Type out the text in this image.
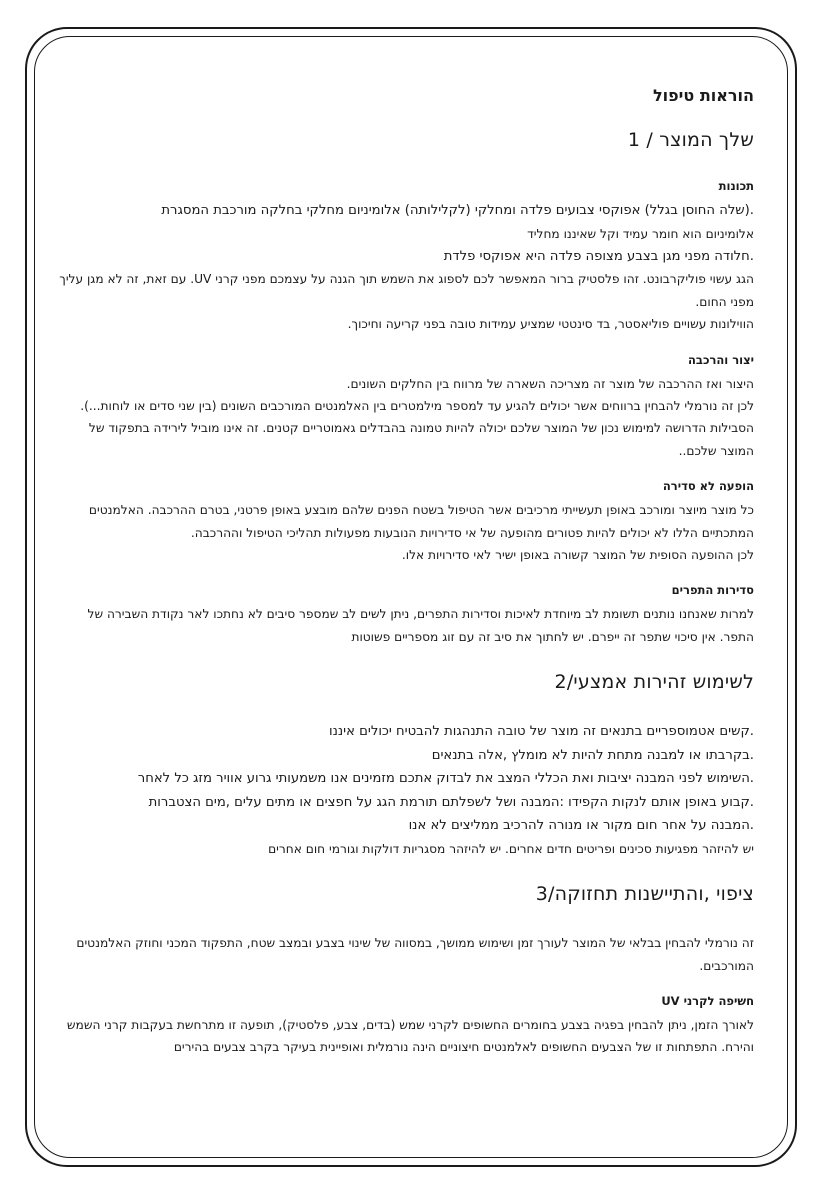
הוראות טיפול
שלך המוצר / 1
תכונות

.(שלה החוסן בגלל) אפוקסי צבועים פלדה ומחלקי (לקלילותה) אלומיניום מחלקי בחלקה מורכבת המסגרת

אלומיניום הוא חומר עמיד וקל שאיננו מחליד

.חלודה מפני מגן בצבע מצופה פלדה היא אפוקסי פלדת

הגג עשוי פוליקרבונט. זהו פלסטיק ברור המאפשר לכם לספוג את השמש תוך הגנה על עצמכם מפני קרני UV. עם זאת, זה לא מגן עליך מפני החום.

הווילונות עשויים פוליאסטר, בד סינטטי שמציע עמידות טובה בפני קריעה וחיכוך.

יצור והרכבה

היצור ואז ההרכבה של מוצר זה מצריכה השארה של מרווח בין החלקים השונים.

לכן זה נורמלי להבחין ברווחים אשר יכולים להגיע עד למספר מילמטרים בין האלמנטים המורכבים השונים (בין שני סדים או לוחות...).

הסבילות הדרושה למימוש נכון של המוצר שלכם יכולה להיות טמונה בהבדלים גאמוטריים קטנים. זה אינו מוביל לירידה בתפקוד של המוצר שלכם..

הופעה לא סדירה

כל מוצר מיוצר ומורכב באופן תעשייתי מרכיבים אשר הטיפול בשטח הפנים שלהם מובצע באופן פרטני, בטרם ההרכבה. האלמנטים המתכתיים הללו לא יכולים להיות פטורים מהופעה של אי סדירויות הנובעות מפעולות תהליכי הטיפול וההרכבה.

לכן ההופעה הסופית של המוצר קשורה באופן ישיר לאי סדירויות אלו.

סדירות התפרים

למרות שאנחנו נותנים תשומת לב מיוחדת לאיכות וסדירות התפרים, ניתן לשים לב שמספר סיבים לא נחתכו לאר נקודת השבירה של התפר. אין סיכוי שתפר זה ייפרם. יש לחתוך את סיב זה עם זוג מספריים פשוטות

לשימוש זהירות אמצעי/2

.קשים אטמוספריים בתנאים זה מוצר של טובה התנהגות להבטיח יכולים איננו

.בקרבתו או למבנה מתחת להיות לא מומלץ ,אלה בתנאים

.השימוש לפני המבנה יציבות ואת הכללי המצב את לבדוק אתכם מזמינים אנו משמעותי גרוע אוויר מזג כל לאחר

.קבוע באופן אותם לנקות הקפידו :המבנה ושל לשפלתם תורמת הגג על חפצים או מתים עלים ,מים הצטברות

.המבנה על אחר חום מקור או מנורה להרכיב ממליצים לא אנו

יש להיזהר מפגיעות סכינים ופריטים חדים אחרים. יש להיזהר מסגריות דולקות וגורמי חום אחרים

ציפוי ,והתיישנות תחזוקה/3

זה נורמלי להבחין בבלאי של המוצר לעורך זמן ושימוש ממושך, במסווה של שינוי בצבע ובמצב שטח, התפקוד המכני וחוזק האלמנטים המורכבים.

חשיפה לקרני UV

לאורך הזמן, ניתן להבחין בפגיה בצבע בחומרים החשופים לקרני שמש (בדים, צבע, פלסטיק), תופעה זו מתרחשת בעקבות קרני השמש והירח. התפתחות זו של הצבעים החשופים לאלמנטים חיצוניים הינה נורמלית ואופיינית בעיקר בקרב צבעים בהירים
